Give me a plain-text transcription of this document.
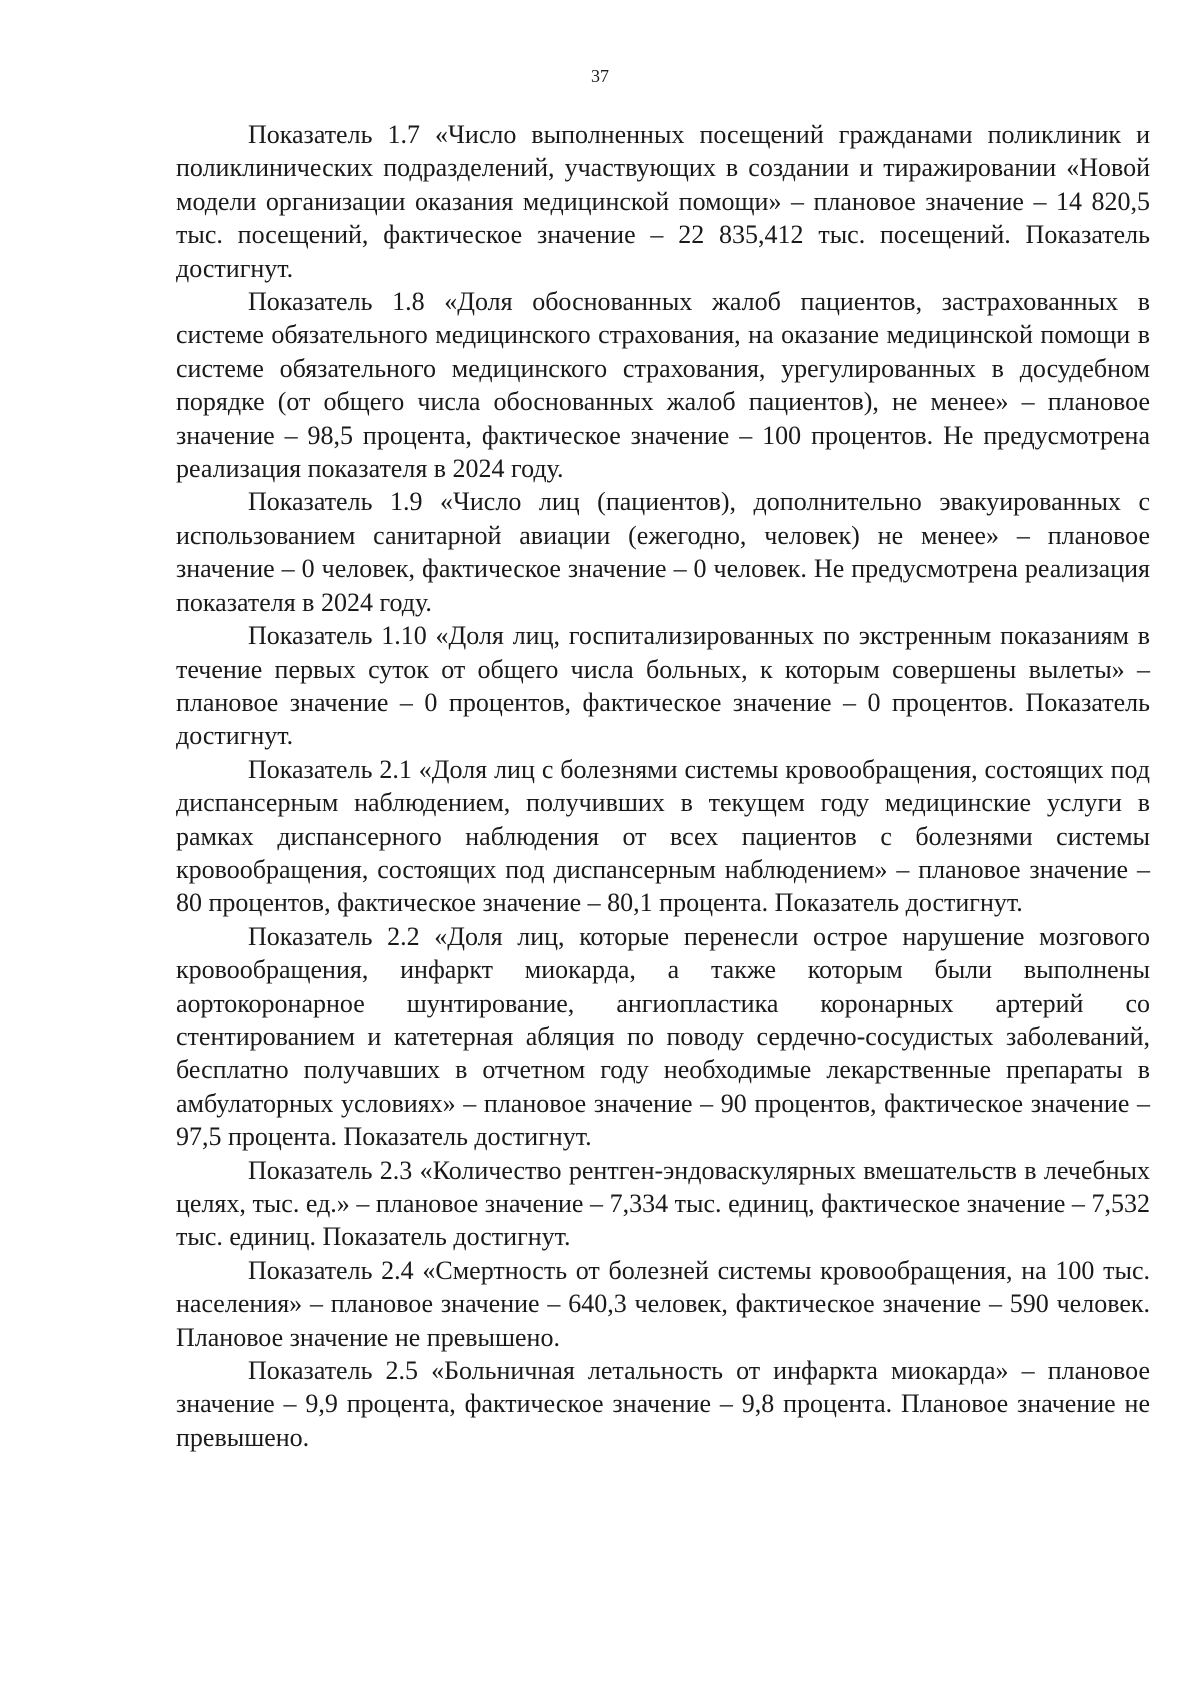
37

Показатель 1.7 «Число выполненных посещений гражданами поликлиник и поликлинических подразделений, участвующих в создании и тиражировании «Новой модели организации оказания медицинской помощи» – плановое значение – 14 820,5 тыс. посещений, фактическое значение – 22 835,412 тыс. посещений. Показатель достигнут.

Показатель 1.8 «Доля обоснованных жалоб пациентов, застрахованных в системе обязательного медицинского страхования, на оказание медицинской помощи в системе обязательного медицинского страхования, урегулированных в досудебном порядке (от общего числа обоснованных жалоб пациентов), не менее» – плановое значение – 98,5 процента, фактическое значение – 100 процентов. Не предусмотрена реализация показателя в 2024 году.

Показатель 1.9 «Число лиц (пациентов), дополнительно эвакуированных с использованием санитарной авиации (ежегодно, человек) не менее» – плановое значение – 0 человек, фактическое значение – 0 человек. Не предусмотрена реализация показателя в 2024 году.

Показатель 1.10 «Доля лиц, госпитализированных по экстренным показаниям в течение первых суток от общего числа больных, к которым совершены вылеты» – плановое значение – 0 процентов, фактическое значение – 0 процентов. Показатель достигнут.

Показатель 2.1 «Доля лиц с болезнями системы кровообращения, состоящих под диспансерным наблюдением, получивших в текущем году медицинские услуги в рамках диспансерного наблюдения от всех пациентов с болезнями системы кровообращения, состоящих под диспансерным наблюдением» – плановое значение – 80 процентов, фактическое значение – 80,1 процента. Показатель достигнут.

Показатель 2.2 «Доля лиц, которые перенесли острое нарушение мозгового кровообращения, инфаркт миокарда, а также которым были выполнены аортокоронарное шунтирование, ангиопластика коронарных артерий со стентированием и катетерная абляция по поводу сердечно-сосудистых заболеваний, бесплатно получавших в отчетном году необходимые лекарственные препараты в амбулаторных условиях» – плановое значение – 90 процентов, фактическое значение – 97,5 процента. Показатель достигнут.

Показатель 2.3 «Количество рентген-эндоваскулярных вмешательств в лечебных целях, тыс. ед.» – плановое значение – 7,334 тыс. единиц, фактическое значение – 7,532 тыс. единиц. Показатель достигнут.

Показатель 2.4 «Смертность от болезней системы кровообращения, на 100 тыс. населения» – плановое значение – 640,3 человек, фактическое значение – 590 человек. Плановое значение не превышено.

Показатель 2.5 «Больничная летальность от инфаркта миокарда» – плановое значение – 9,9 процента, фактическое значение – 9,8 процента. Плановое значение не превышено.
